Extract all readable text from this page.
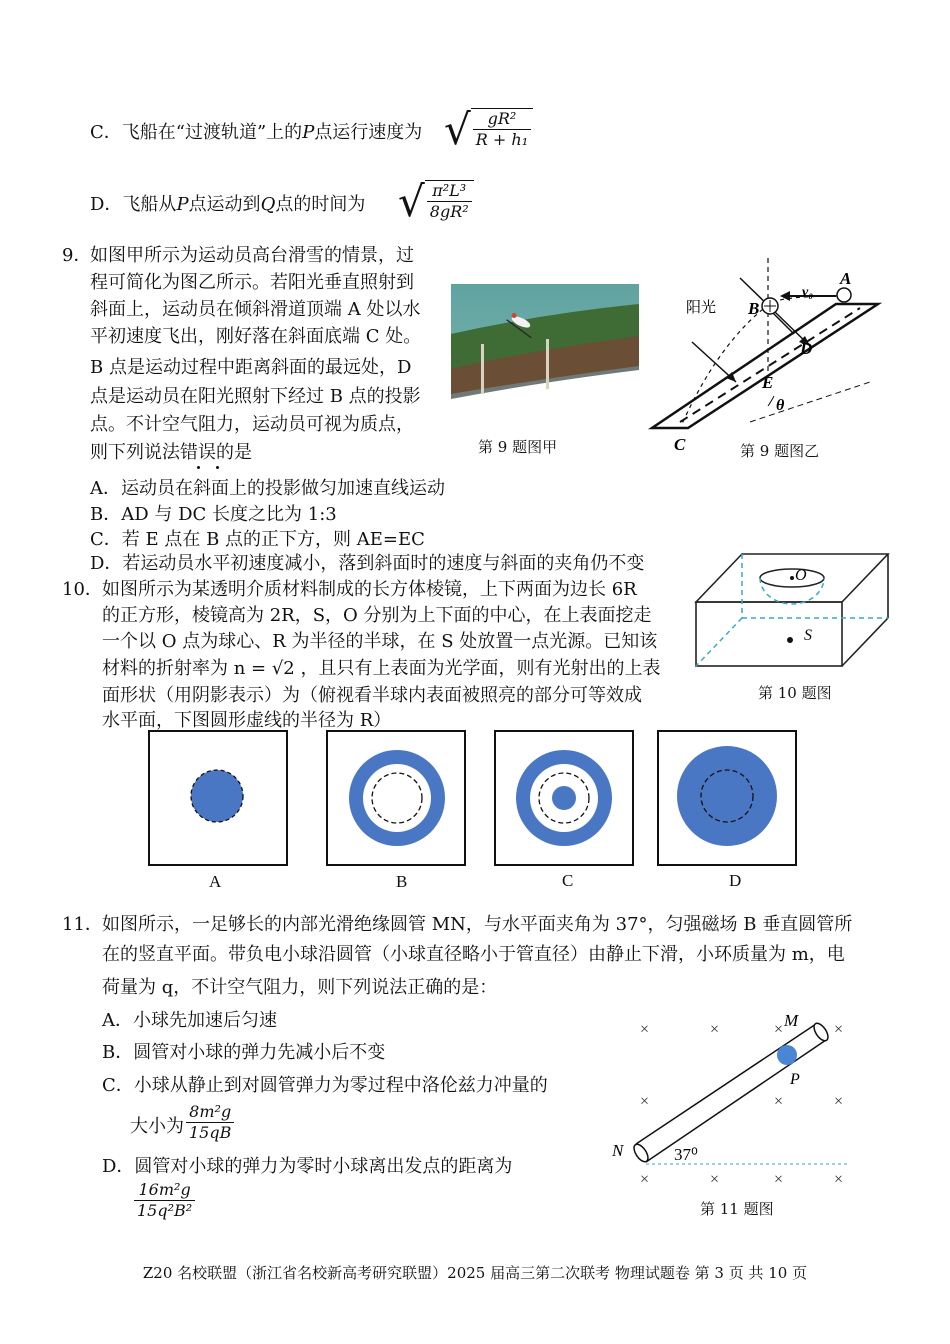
C．飞船在“过渡轨道”上的P点运行速度为 √ $\frac{\text{gR²}}{\text{R + h₁}}$
D．飞船从P点运动到Q点的时间为 √ $\frac{\text{π²L³}}{\text{8gR²}}$
9．
如图甲所示为运动员高台滑雪的情景，过
程可简化为图乙所示。若阳光垂直照射到
斜面上，运动员在倾斜滑道顶端 A 处以水
平初速度飞出，刚好落在斜面底端 C 处。
B 点是运动过程中距离斜面的最远处，D
点是运动员在阳光照射下经过 B 点的投影
点。不计空气阻力，运动员可视为质点，
则下列说法错误的是
A．运动员在斜面上的投影做匀加速直线运动
B．AD 与 DC 长度之比为 1:3
C．若 E 点在 B 点的正下方，则 AE=EC
D．若运动员水平初速度减小，落到斜面时的速度与斜面的夹角仍不变
第 9 题图甲
阳光
A
B
D
E
C
v₀
θ
第 9 题图乙
10． 如图所示为某透明介质材料制成的长方体棱镜，上下两面为边长 6R
的正方形，棱镜高为 2R，S，O 分别为上下面的中心，在上表面挖走
一个以 O 点为球心、R 为半径的半球，在 S 处放置一点光源。已知该
材料的折射率为 n = √2 ，且只有上表面为光学面，则有光射出的上表
面形状（用阴影表示）为（俯视看半球内表面被照亮的部分可等效成
水平面，下图圆形虚线的半径为 R）
O
S
第 10 题图
A	B	C	D
11． 如图所示，一足够长的内部光滑绝缘圆管 MN，与水平面夹角为 37°，匀强磁场 B 垂直圆管所
在的竖直平面。带负电小球沿圆管（小球直径略小于管直径）由静止下滑，小环质量为 m，电
荷量为 q，不计空气阻力，则下列说法正确的是：
A．小球先加速后匀速
B．圆管对小球的弹力先减小后不变
C．小球从静止到对圆管弹力为零过程中洛伦兹力冲量的
大小为 $\frac{\text{8m²g}}{15qB}$
D．圆管对小球的弹力为零时小球离出发点的距离为
$\frac{\text{16m²g}}{\text{15q²B²}}$
×	×	×	×
×	×	×
×	×	×	×
M
N
P
37⁰
第 11 题图
Z20 名校联盟（浙江省名校新高考研究联盟）2025 届高三第二次联考 物理试题卷 第 3 页 共 10 页
